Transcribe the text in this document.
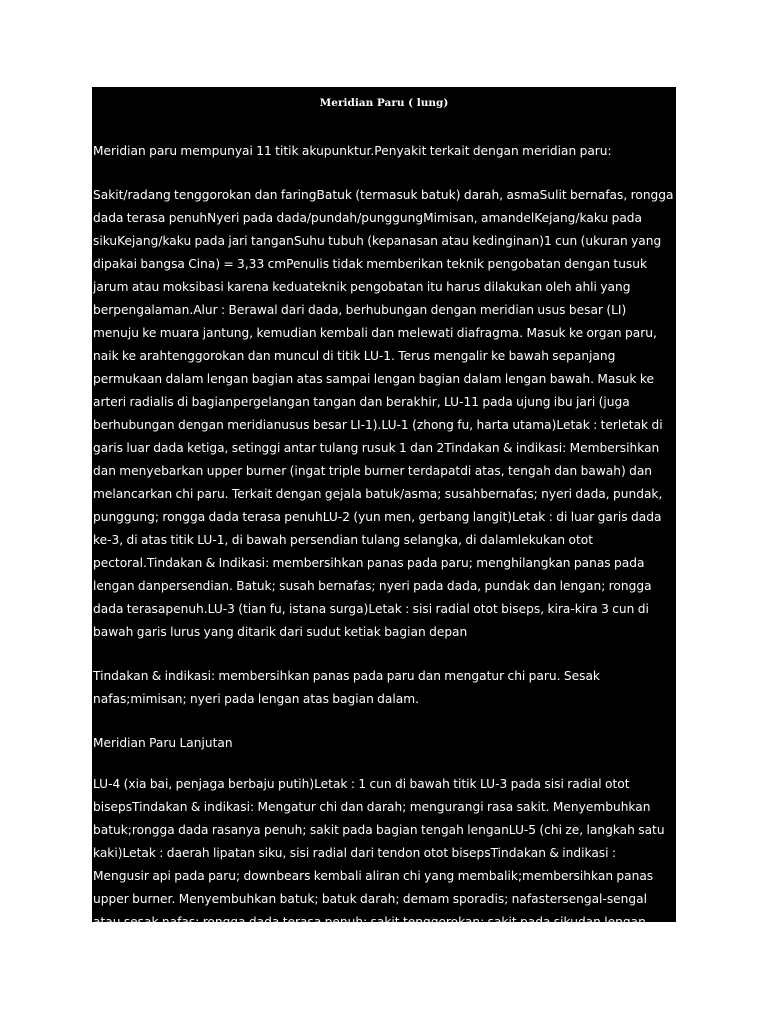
Meridian Paru ( lung)

Meridian paru mempunyai 11 titik akupunktur.Penyakit terkait dengan meridian paru:

Sakit/radang tenggorokan dan faringBatuk (termasuk batuk) darah, asmaSulit bernafas, rongga dada terasa penuhNyeri pada dada/pundah/punggungMimisan, amandelKejang/kaku pada sikuKejang/kaku pada jari tanganSuhu tubuh (kepanasan atau kedinginan)1 cun (ukuran yang dipakai bangsa Cina) = 3,33 cmPenulis tidak memberikan teknik pengobatan dengan tusuk jarum atau moksibasi karena keduateknik pengobatan itu harus dilakukan oleh ahli yang berpengalaman.Alur : Berawal dari dada, berhubungan dengan meridian usus besar (LI) menuju ke muara jantung, kemudian kembali dan melewati diafragma. Masuk ke organ paru, naik ke arahtenggorokan dan muncul di titik LU-1. Terus mengalir ke bawah sepanjang permukaan dalam lengan bagian atas sampai lengan bagian dalam lengan bawah. Masuk ke arteri radialis di bagianpergelangan tangan dan berakhir, LU-11 pada ujung ibu jari (juga berhubungan dengan meridianusus besar LI-1).LU-1 (zhong fu, harta utama)Letak : terletak di garis luar dada ketiga, setinggi antar tulang rusuk 1 dan 2Tindakan & indikasi: Membersihkan dan menyebarkan upper burner (ingat triple burner terdapatdi atas, tengah dan bawah) dan melancarkan chi paru. Terkait dengan gejala batuk/asma; susahbernafas; nyeri dada, pundak, punggung; rongga dada terasa penuhLU-2 (yun men, gerbang langit)Letak : di luar garis dada ke-3, di atas titik LU-1, di bawah persendian tulang selangka, di dalamlekukan otot pectoral.Tindakan & Indikasi: membersihkan panas pada paru; menghilangkan panas pada lengan danpersendian. Batuk; susah bernafas; nyeri pada dada, pundak dan lengan; rongga dada terasapenuh.LU-3 (tian fu, istana surga)Letak : sisi radial otot biseps, kira-kira 3 cun di bawah garis lurus yang ditarik dari sudut ketiak bagian depan

Tindakan & indikasi: membersihkan panas pada paru dan mengatur chi paru. Sesak nafas;mimisan; nyeri pada lengan atas bagian dalam.

Meridian Paru Lanjutan

LU-4 (xia bai, penjaga berbaju putih)Letak : 1 cun di bawah titik LU-3 pada sisi radial otot bisepsTindakan & indikasi: Mengatur chi dan darah; mengurangi rasa sakit. Menyembuhkan batuk;rongga dada rasanya penuh; sakit pada bagian tengah lenganLU-5 (chi ze, langkah satu kaki)Letak : daerah lipatan siku, sisi radial dari tendon otot bisepsTindakan & indikasi : Mengusir api pada paru; downbears kembali aliran chi yang membalik;membersihkan panas upper burner. Menyembuhkan batuk; batuk darah; demam sporadis; nafastersengal-sengal atau sesak nafas; rongga dada terasa penuh; sakit tenggorokan; sakit pada sikudan lengan dengan gejala sulit
